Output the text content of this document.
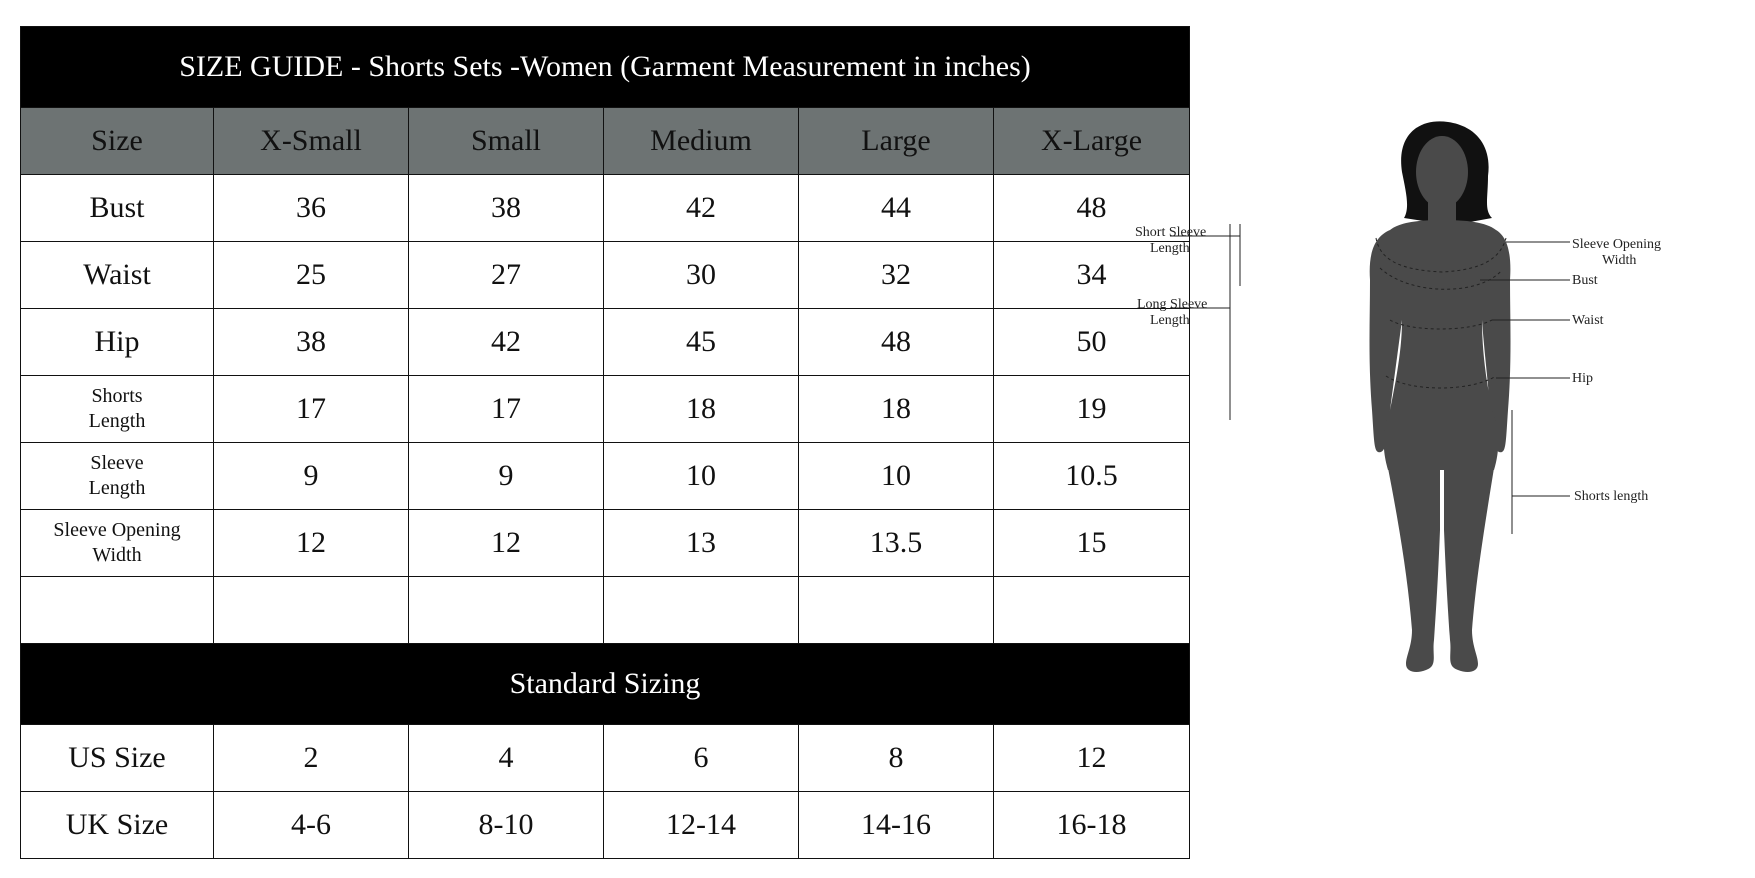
SIZE GUIDE - Shorts Sets -Women (Garment Measurement in inches)					
Size	X-Small	Small	Medium	Large	X-Large
Bust	36	38	42	44	48
Waist	25	27	30	32	34
Hip	38	42	45	48	50
Shorts
Length	17	17	18	18	19
Sleeve
Length	9	9	10	10	10.5
Sleeve Opening
Width	12	12	13	13.5	15

Standard Sizing					
US Size	2	4	6	8	12
UK Size	4-6	8-10	12-14	14-16	16-18
Short Sleeve
Length
Long Sleeve
Length
Sleeve Opening
Width
Bust
Waist
Hip
Shorts length
